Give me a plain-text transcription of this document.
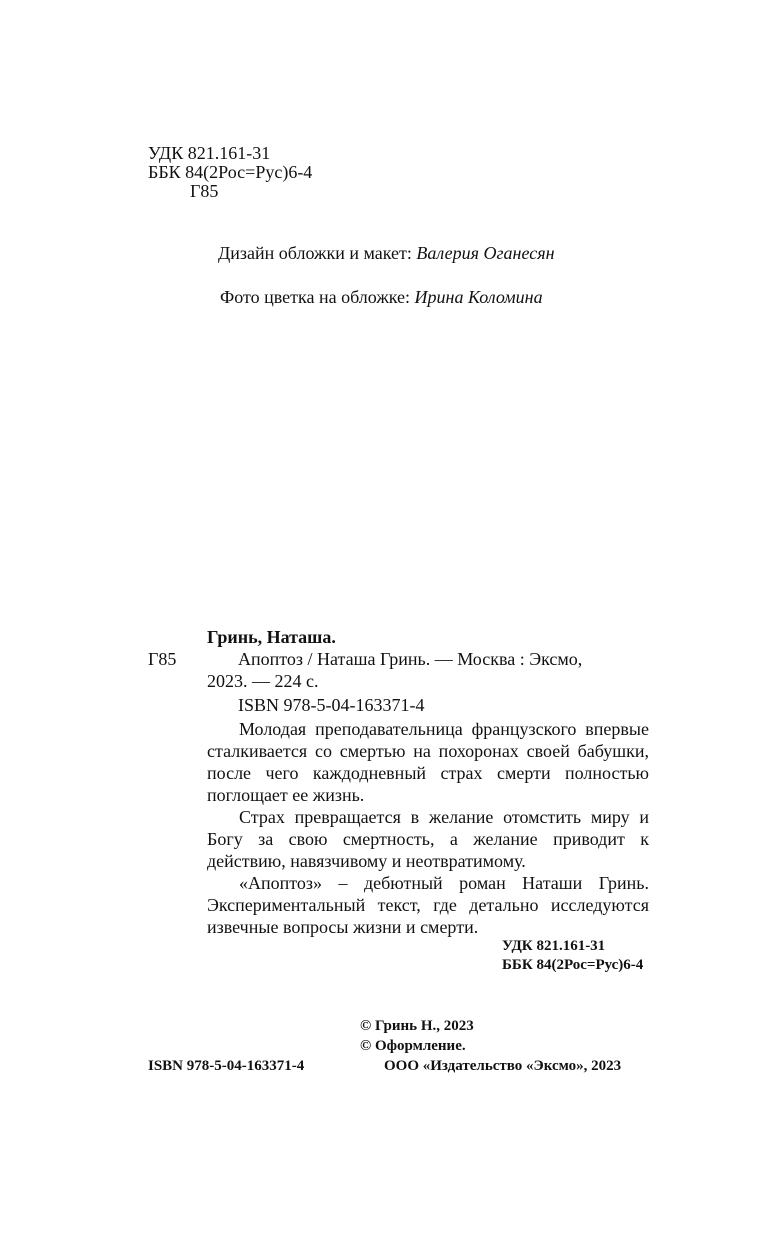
УДК 821.161-31
ББК 84(2Рос=Рус)6-4
Г85
Дизайн обложки и макет: Валерия Оганесян
Фото цветка на обложке: Ирина Коломина
Гринь, Наташа.
Г85	Апоптоз / Наташа Гринь. — Москва : Эксмо,
2023. — 224 с.
ISBN 978-5-04-163371-4
Молодая преподавательница французского впервые сталкивается со смертью на похоронах своей бабушки, после чего каждодневный страх смерти полностью поглощает ее жизнь.
Страх превращается в желание отомстить миру и Богу за свою смертность, а желание приводит к действию, навязчивому и неотвратимому.
«Апоптоз» – дебютный роман Наташи Гринь. Экспериментальный текст, где детально исследуются извечные вопросы жизни и смерти.
УДК 821.161-31
ББК 84(2Рос=Рус)6-4
© Гринь Н., 2023
© Оформление.
ISBN 978-5-04-163371-4	ООО «Издательство «Эксмо», 2023
